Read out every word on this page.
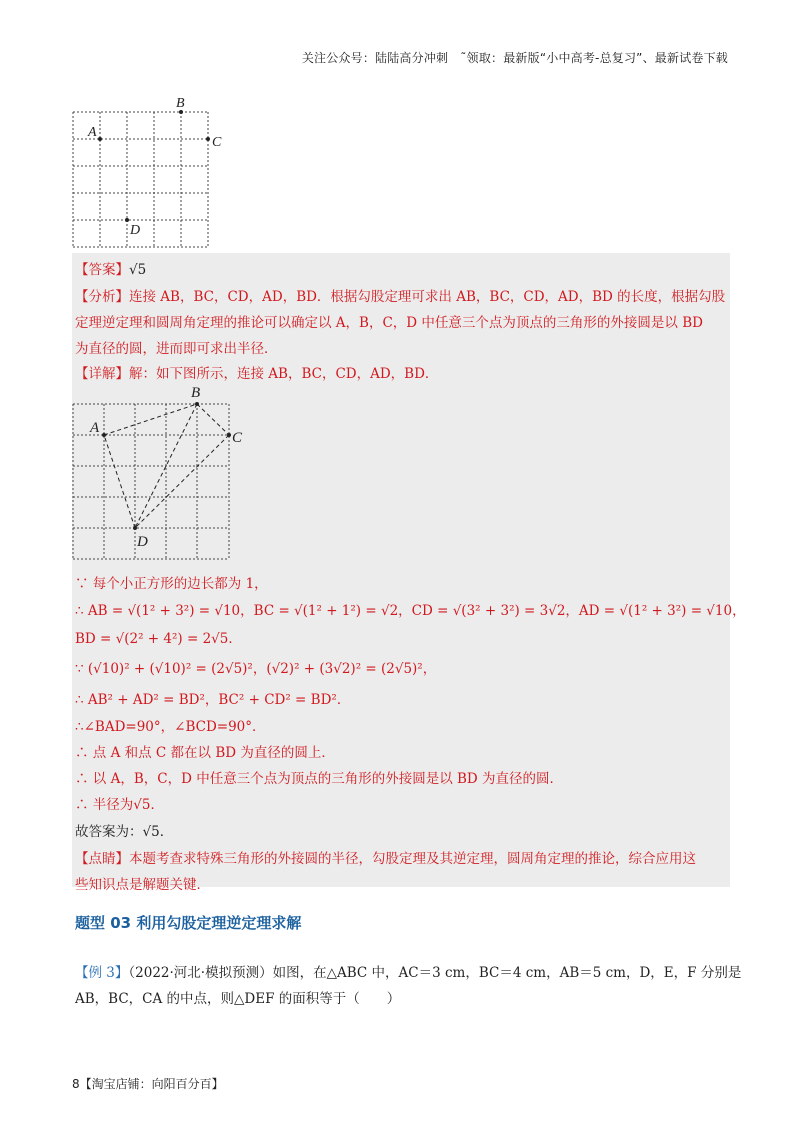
关注公众号：陆陆高分冲刺　˜领取：最新版“小中高考-总复习”、最新试卷下载
A
B
C
D
【答案】√5
【分析】连接 AB，BC，CD，AD，BD．根据勾股定理可求出 AB，BC，CD，AD，BD 的长度，根据勾股
定理逆定理和圆周角定理的推论可以确定以 A，B，C，D 中任意三个点为顶点的三角形的外接圆是以 BD
为直径的圆，进而即可求出半径．
【详解】解：如下图所示，连接 AB，BC，CD，AD，BD．
A
B
C
D
∵ 每个小正方形的边长都为 1，
∴ AB = √(1² + 3²) = √10，BC = √(1² + 1²) = √2，CD = √(3² + 3²) = 3√2，AD = √(1² + 3²) = √10，
BD = √(2² + 4²) = 2√5．
∵ (√10)² + (√10)² = (2√5)²，(√2)² + (3√2)² = (2√5)²，
∴ AB² + AD² = BD²，BC² + CD² = BD²．
∴∠BAD=90°，∠BCD=90°．
∴ 点 A 和点 C 都在以 BD 为直径的圆上．
∴ 以 A，B，C，D 中任意三个点为顶点的三角形的外接圆是以 BD 为直径的圆．
∴ 半径为√5．
故答案为：√5．
【点睛】本题考查求特殊三角形的外接圆的半径，勾股定理及其逆定理，圆周角定理的推论，综合应用这
些知识点是解题关键．
题型 03 利用勾股定理逆定理求解
【例 3】（2022·河北·模拟预测）如图，在△ABC 中，AC＝3 cm，BC＝4 cm，AB＝5 cm，D，E，F 分别是
AB，BC，CA 的中点，则△DEF 的面积等于（　　）
8【淘宝店铺：向阳百分百】
